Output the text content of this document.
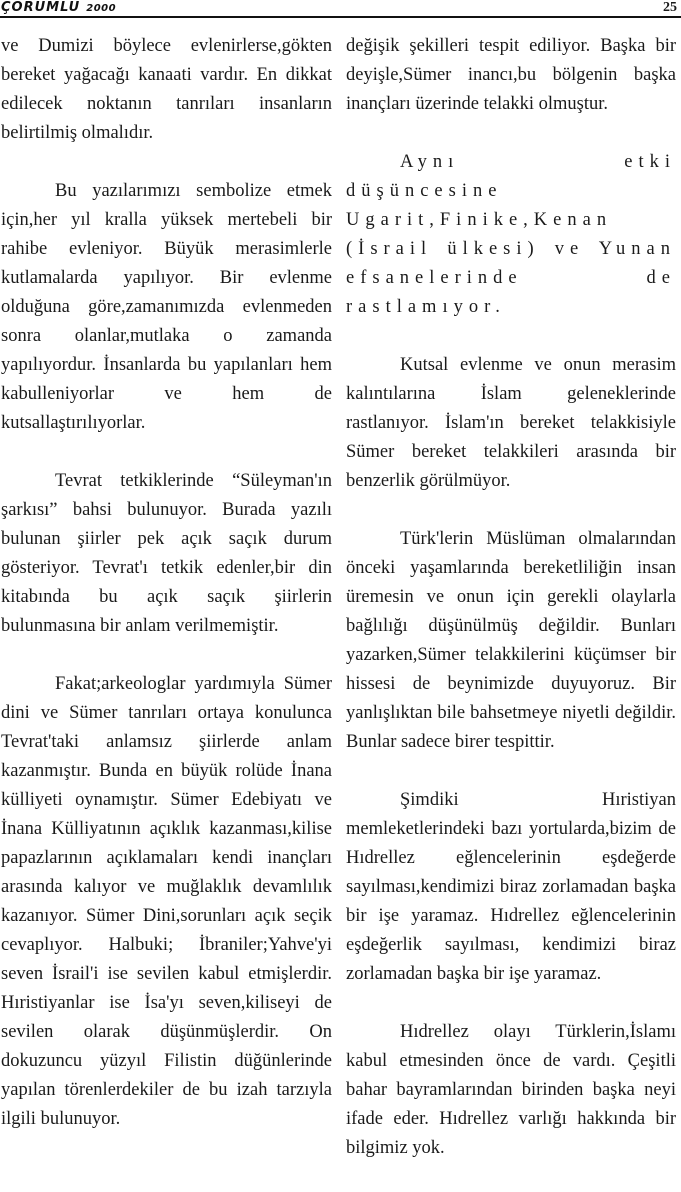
ÇORUMLU 2000	25

ve Dumizi böylece evlenirlerse,gökten bereket yağacağı kanaati vardır. En dikkat edilecek noktanın tanrıları insanların belirtilmiş olmalıdır.

Bu yazılarımızı sembolize etmek için,her yıl kralla yüksek mertebeli bir rahibe evleniyor. Büyük merasimlerle kutlamalarda yapılıyor. Bir evlenme olduğuna göre,zamanımızda evlenmeden sonra olanlar,mutlaka o zamanda yapılıyordur. İnsanlarda bu yapılanları hem kabulleniyorlar ve hem de kutsallaştırılıyorlar.

Tevrat tetkiklerinde “Süleyman'ın şarkısı” bahsi bulunuyor. Burada yazılı bulunan şiirler pek açık saçık durum gösteriyor. Tevrat'ı tetkik edenler,bir din kitabında bu açık saçık şiirlerin bulunmasına bir anlam verilmemiştir.

Fakat;arkeologlar yardımıyla Sümer dini ve Sümer tanrıları ortaya konulunca Tevrat'taki anlamsız şiirlerde anlam kazanmıştır. Bunda en büyük rolüde İnana külliyeti oynamıştır. Sümer Edebiyatı ve İnana Külliyatının açıklık kazanması,kilise papazlarının açıklamaları kendi inançları arasında kalıyor ve muğlaklık devamlılık kazanıyor. Sümer Dini,sorunları açık seçik cevaplıyor. Halbuki; İbraniler;Yahve'yi seven İsrail'i ise sevilen kabul etmişlerdir. Hıristiyanlar ise İsa'yı seven,kiliseyi de sevilen olarak düşünmüşlerdir. On dokuzuncu yüzyıl Filistin düğünlerinde yapılan törenlerdekiler de bu izah tarzıyla ilgili bulunuyor.

değişik şekilleri tespit ediliyor. Başka bir deyişle,Sümer inancı,bu bölgenin başka inançları üzerinde telakki olmuştur.

Aynı etki düşüncesine Ugarit,Finike,Kenan (İsrail ülkesi) ve Yunan efsanelerinde de rastlamıyor.

Kutsal evlenme ve onun merasim kalıntılarına İslam geleneklerinde rastlanıyor. İslam'ın bereket telakkisiyle Sümer bereket telakkileri arasında bir benzerlik görülmüyor.

Türk'lerin Müslüman olmalarından önceki yaşamlarında bereketliliğin insan üremesin ve onun için gerekli olaylarla bağlılığı düşünülmüş değildir. Bunları yazarken,Sümer telakkilerini küçümser bir hissesi de beynimizde duyuyoruz. Bir yanlışlıktan bile bahsetmeye niyetli değildir. Bunlar sadece birer tespittir.

Şimdiki Hıristiyan memleketlerindeki bazı yortularda,bizim de Hıdrellez eğlencelerinin eşdeğerde sayılması,kendimizi biraz zorlamadan başka bir işe yaramaz. Hıdrellez eğlencelerinin eşdeğerlik sayılması, kendimizi biraz zorlamadan başka bir işe yaramaz.

Hıdrellez olayı Türklerin,İslamı kabul etmesinden önce de vardı. Çeşitli bahar bayramlarından birinden başka neyi ifade eder. Hıdrellez varlığı hakkında bir bilgimiz yok.
